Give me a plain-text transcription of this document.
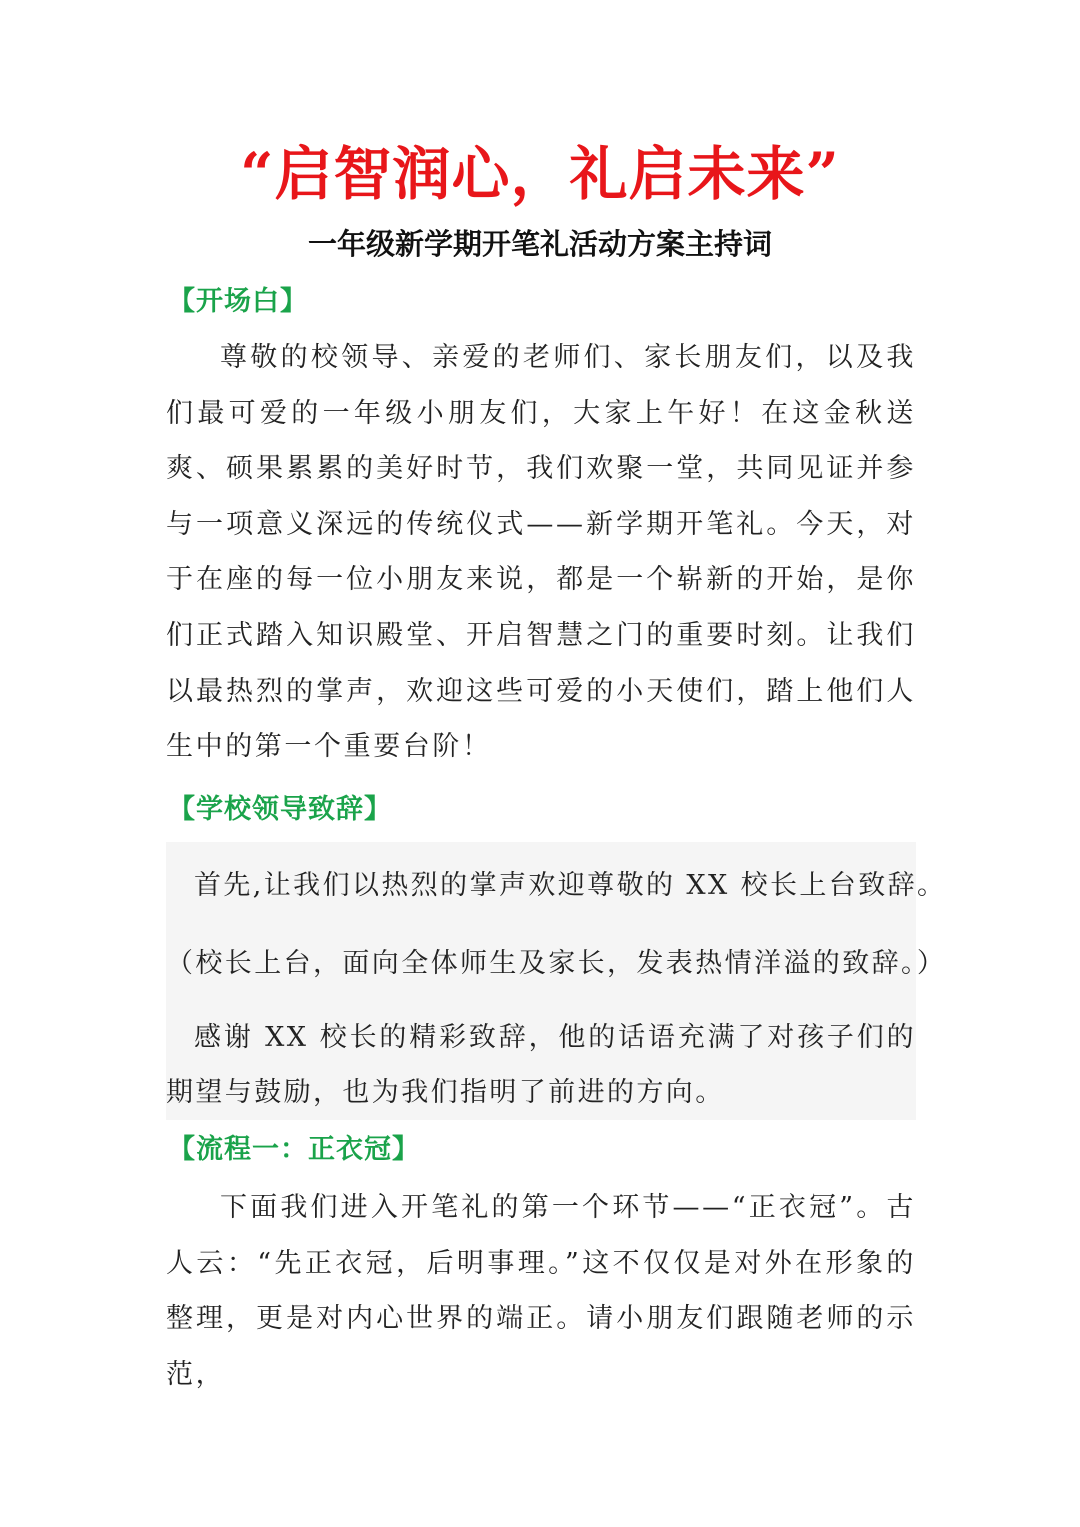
“启智润心，礼启未来”
一年级新学期开笔礼活动方案主持词
【开场白】

尊敬的校领导、亲爱的老师们、家长朋友们，以及我们最可爱的一年级小朋友们，大家上午好！在这金秋送爽、硕果累累的美好时节，我们欢聚一堂，共同见证并参与一项意义深远的传统仪式——新学期开笔礼。今天，对于在座的每一位小朋友来说，都是一个崭新的开始，是你们正式踏入知识殿堂、开启智慧之门的重要时刻。让我们以最热烈的掌声，欢迎这些可爱的小天使们，踏上他们人生中的第一个重要台阶！

【学校领导致辞】

首先,让我们以热烈的掌声欢迎尊敬的 XX 校长上台致辞。

（校长上台，面向全体师生及家长，发表热情洋溢的致辞。）

感谢 XX 校长的精彩致辞，他的话语充满了对孩子们的期望与鼓励，也为我们指明了前进的方向。

【流程一：正衣冠】

下面我们进入开笔礼的第一个环节——“正衣冠”。古人云：“先正衣冠，后明事理。”这不仅仅是对外在形象的整理，更是对内心世界的端正。请小朋友们跟随老师的示范，
